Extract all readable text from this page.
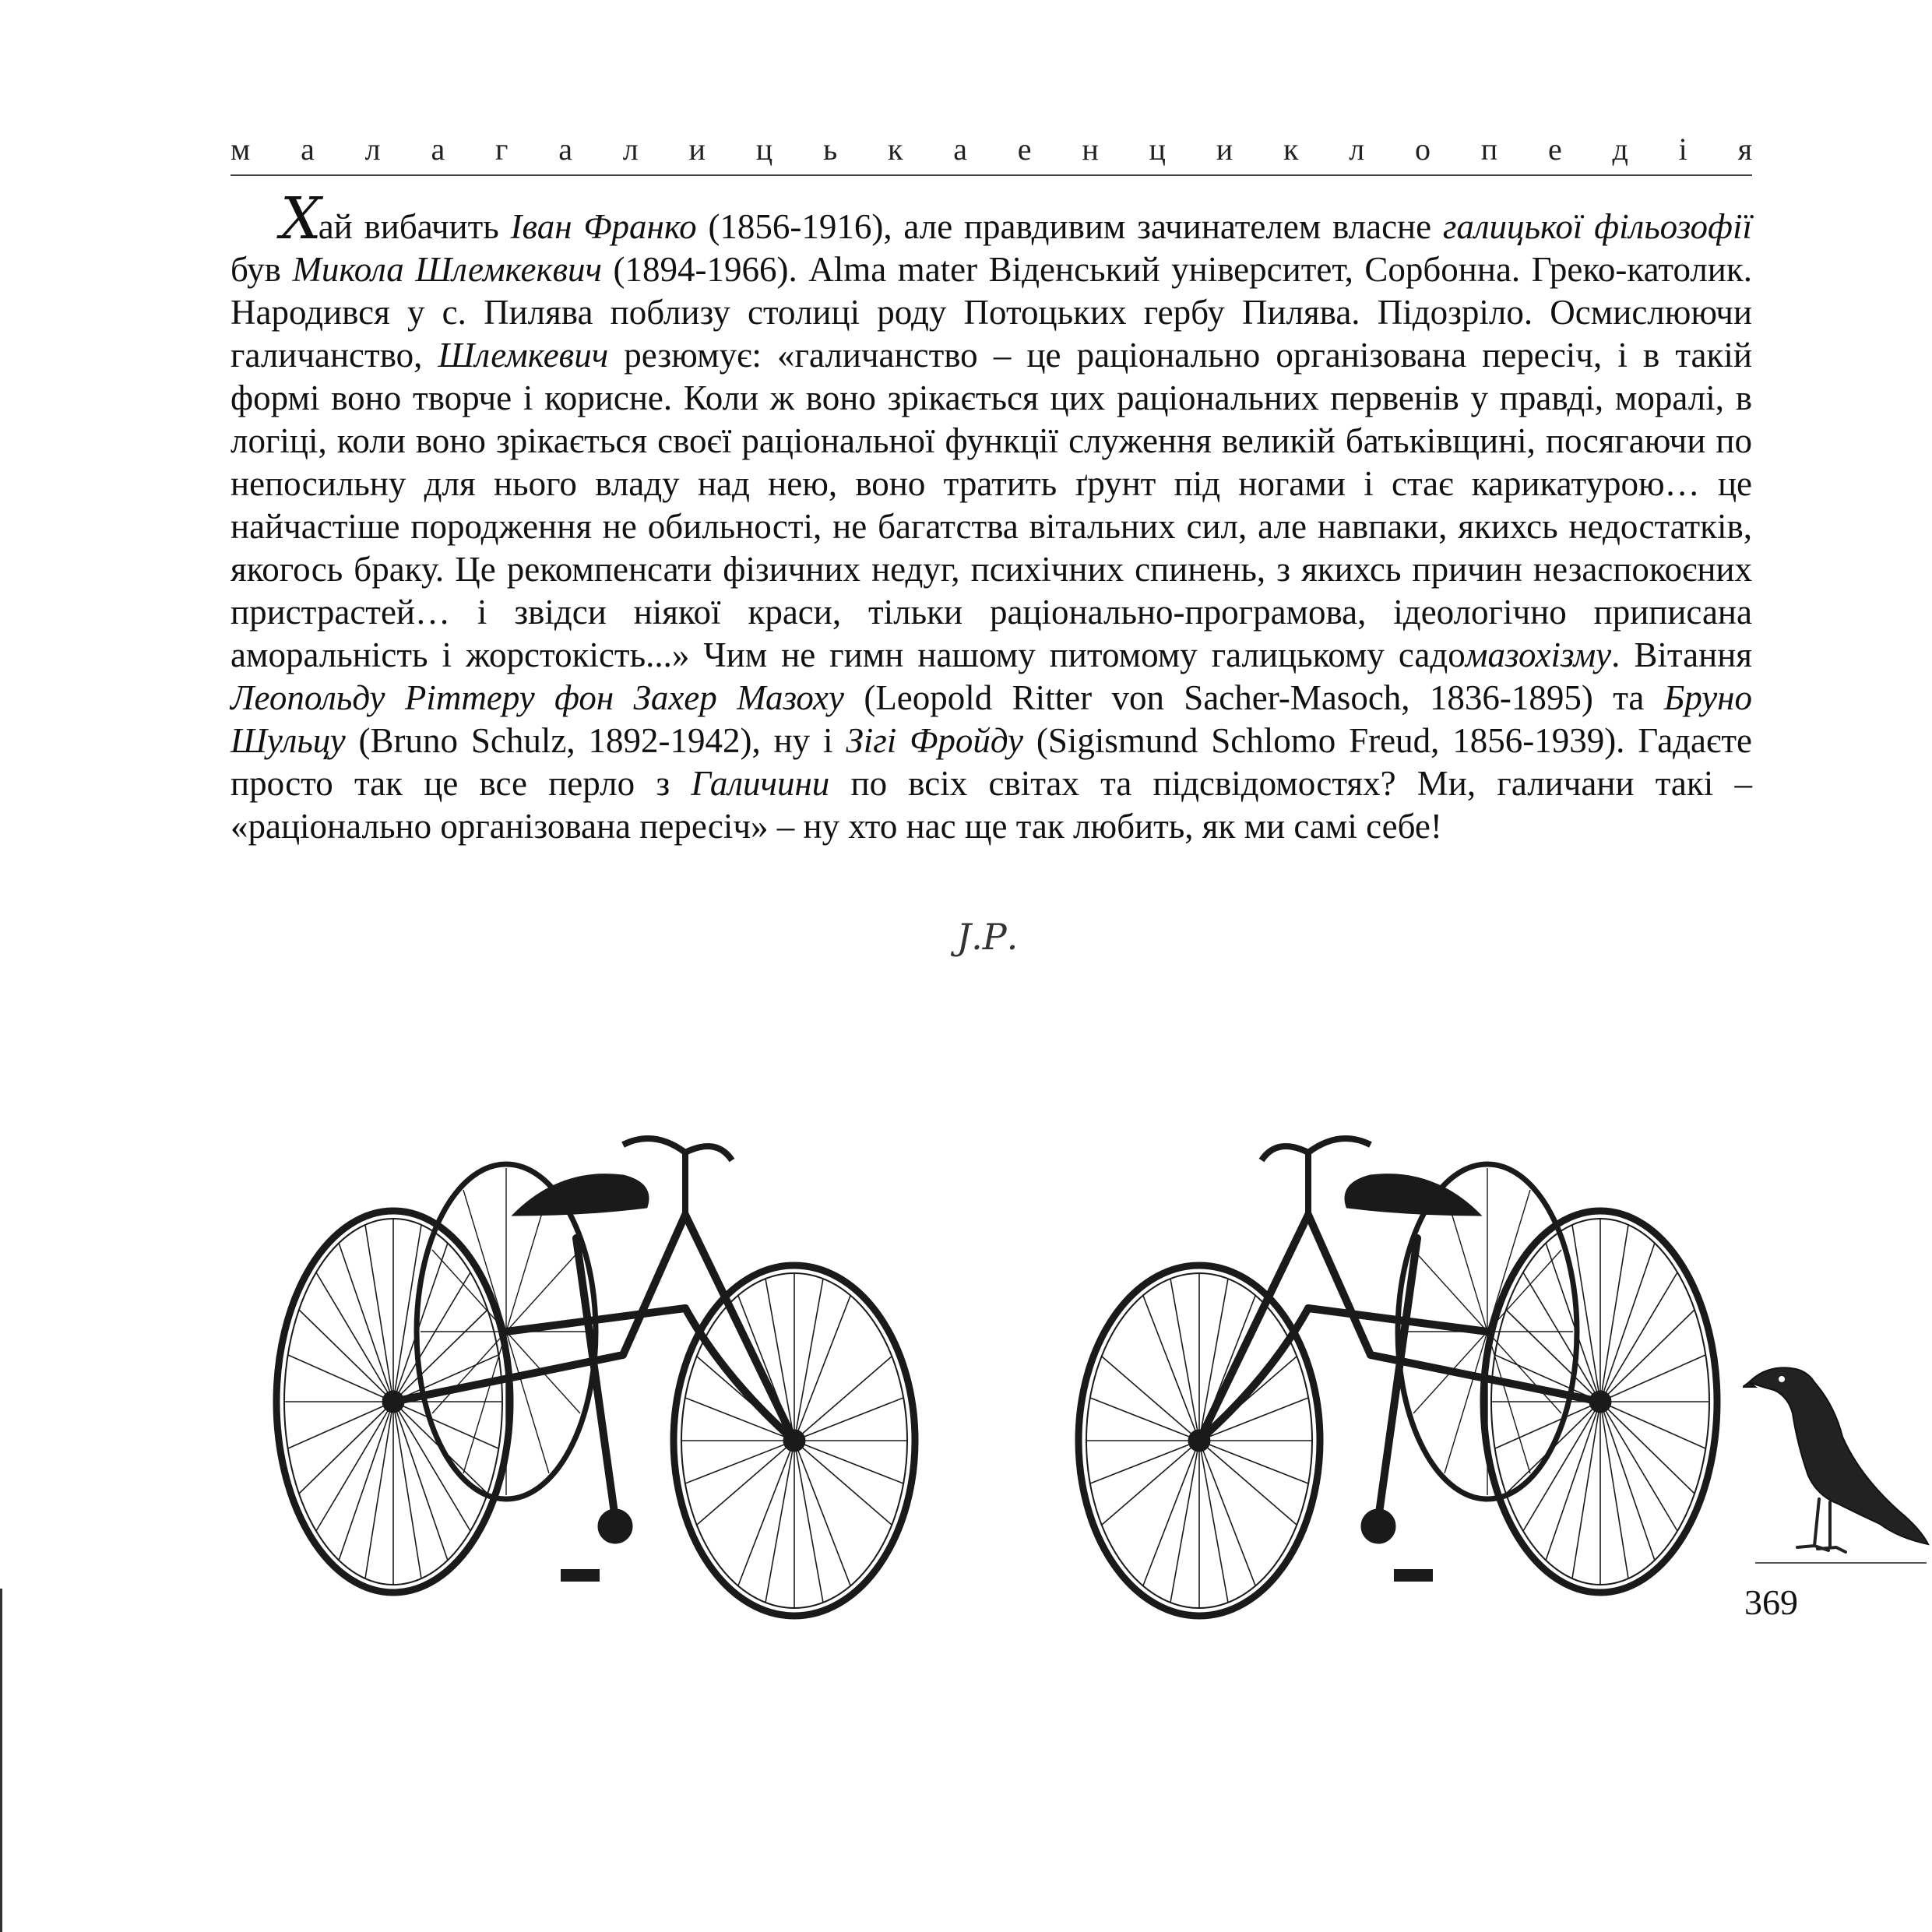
м а л а г а л и ц ь к а е н ц и к л о п е д і я

Хай вибачить Іван Франко (1856-1916), але правдивим зачинателем власне галицької фільозофії був Микола Шлемкеквич (1894-1966). Alma mater Віденський університет, Сорбонна. Греко-католик. Народився у с. Пилява поблизу столиці роду Потоцьких гербу Пилява. Підозріло. Осмислюючи галичанство, Шлемкевич резюмує: «галичанство – це раціонально організована пересіч, і в такій формі воно творче і корисне. Коли ж воно зрікається цих раціональних первенів у правді, моралі, в логіці, коли воно зрікається своєї раціональної функції служення великій батьківщині, посягаючи по непосильну для нього владу над нею, воно тратить ґрунт під ногами і стає карикатурою… це найчастіше породження не обильності, не багатства вітальних сил, але навпаки, якихсь недостатків, якогось браку. Це рекомпенсати фізичних недуг, психічних спинень, з якихсь причин незаспокоєних пристрастей… і звідси ніякої краси, тільки раціонально-програмова, ідеологічно приписана аморальність і жорстокість...» Чим не гимн нашому питомому галицькому садомазохізму. Вітання Леопольду Ріттеру фон Захер Мазоху (Leopold Ritter von Sacher-Masoch, 1836-1895) та Бруно Шульцу (Bruno Schulz, 1892-1942), ну і Зігі Фройду (Sigismund Schlomo Freud, 1856-1939). Гадаєте просто так це все перло з Галичини по всіх світах та підсвідомостях? Ми, галичани такі – «раціонально організована пересіч» – ну хто нас ще так любить, як ми самі себе!

Ј.Р.
369
